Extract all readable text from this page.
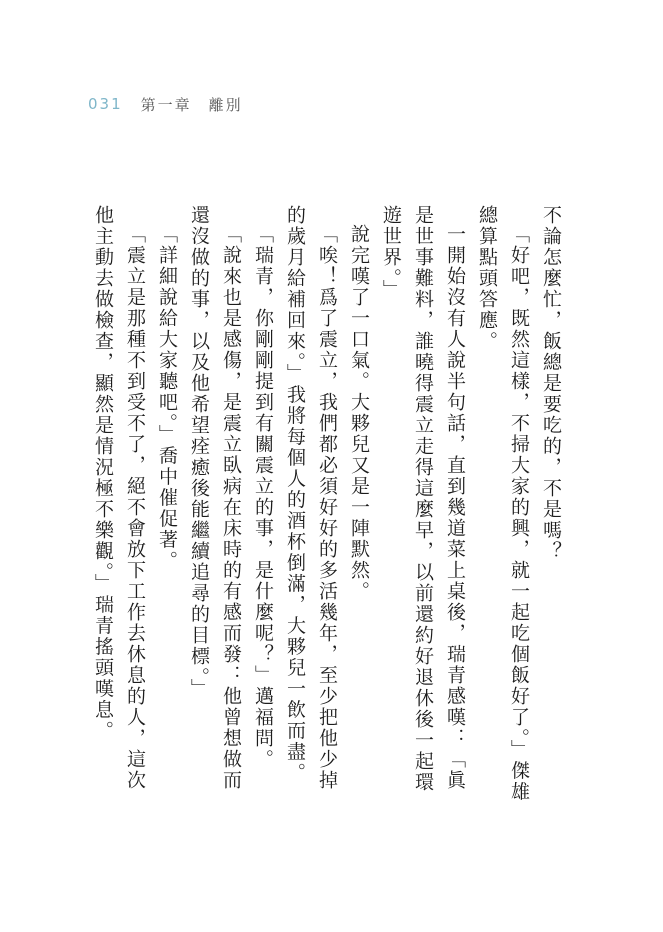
031 第一章　離別

不論怎麼忙，飯總是要吃的，不是嗎？

「好吧，既然這樣，不掃大家的興，就一起吃個飯好了。」傑雄總算點頭答應。

一開始沒有人說半句話，直到幾道菜上桌後，瑞青感嘆：「眞是世事難料，誰曉得震立走得這麼早，以前還約好退休後一起環遊世界。」

說完嘆了一口氣。大夥兒又是一陣默然。

「唉！爲了震立，我們都必須好好的多活幾年，至少把他少掉的歲月給補回來。」我將每個人的酒杯倒滿，大夥兒一飲而盡。

「瑞青，你剛剛提到有關震立的事，是什麼呢？」邁福問。

「說來也是感傷，是震立臥病在床時的有感而發：他曾想做而還沒做的事，以及他希望痊癒後能繼續追尋的目標。」

「詳細說給大家聽吧。」喬中催促著。

「震立是那種不到受不了，絕不會放下工作去休息的人，這次他主動去做檢查，顯然是情況極不樂觀。」瑞青搖頭嘆息。
